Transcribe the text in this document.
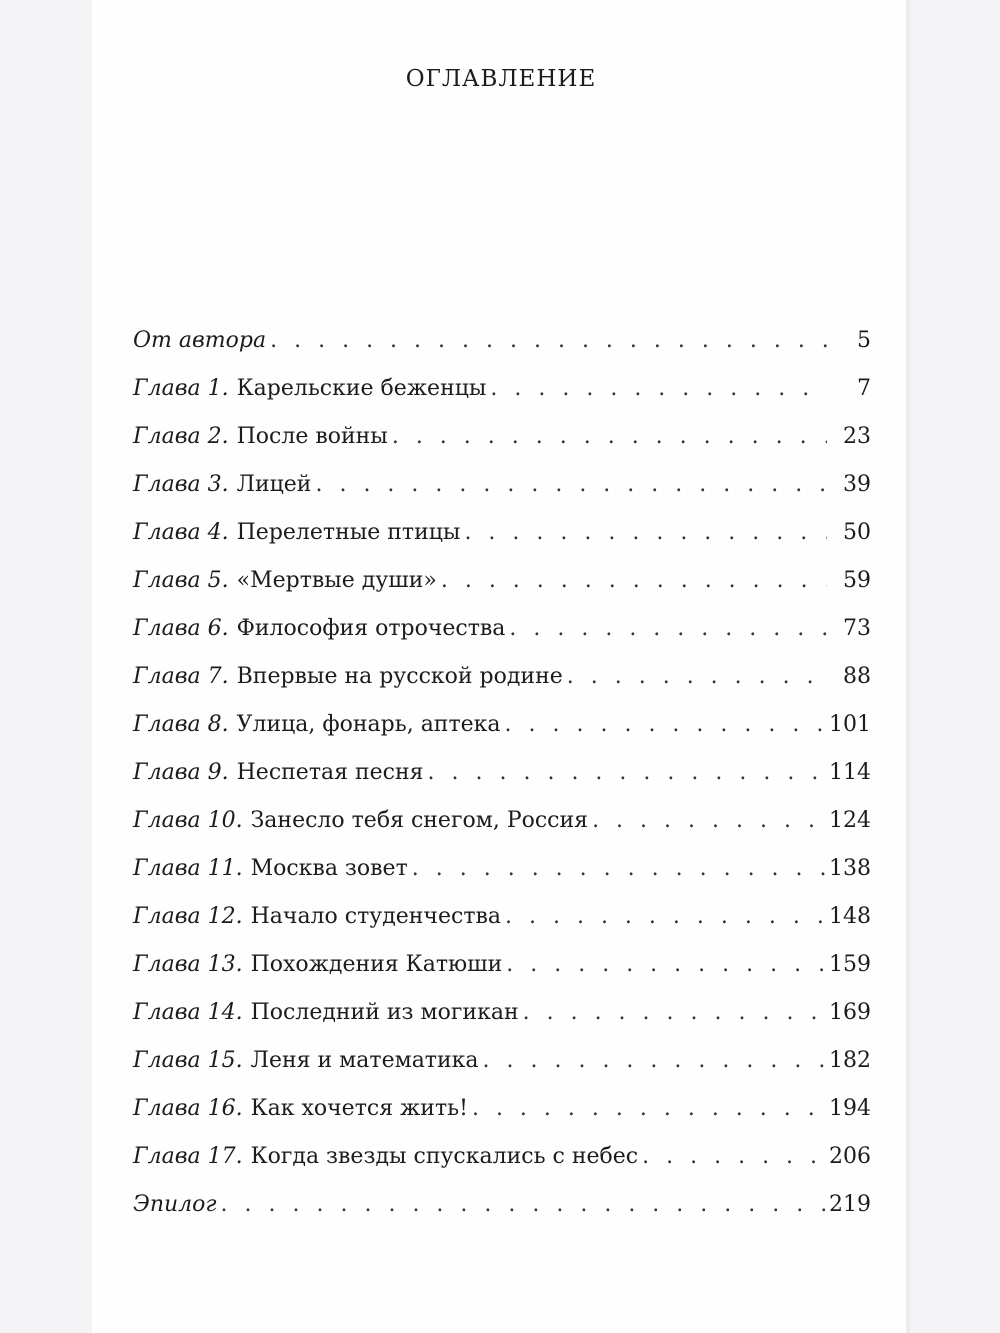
ОГЛАВЛЕНИЕ
От автора . . .	5
Глава 1. Карельские беженцы . . .	7
Глава 2. После войны . . .	23
Глава 3. Лицей . . .	39
Глава 4. Перелетные птицы . . .	50
Глава 5. «Мертвые души» . . .	59
Глава 6. Философия отрочества . . .	73
Глава 7. Впервые на русской родине . . .	88
Глава 8. Улица, фонарь, аптека . . .	101
Глава 9. Неспетая песня . . .	114
Глава 10. Занесло тебя снегом, Россия . . .	124
Глава 11. Москва зовет . . .	138
Глава 12. Начало студенчества . . .	148
Глава 13. Похождения Катюши . . .	159
Глава 14. Последний из могикан . . .	169
Глава 15. Леня и математика . . .	182
Глава 16. Как хочется жить! . . .	194
Глава 17. Когда звезды спускались с небес . . .	206
Эпилог . . .	219
